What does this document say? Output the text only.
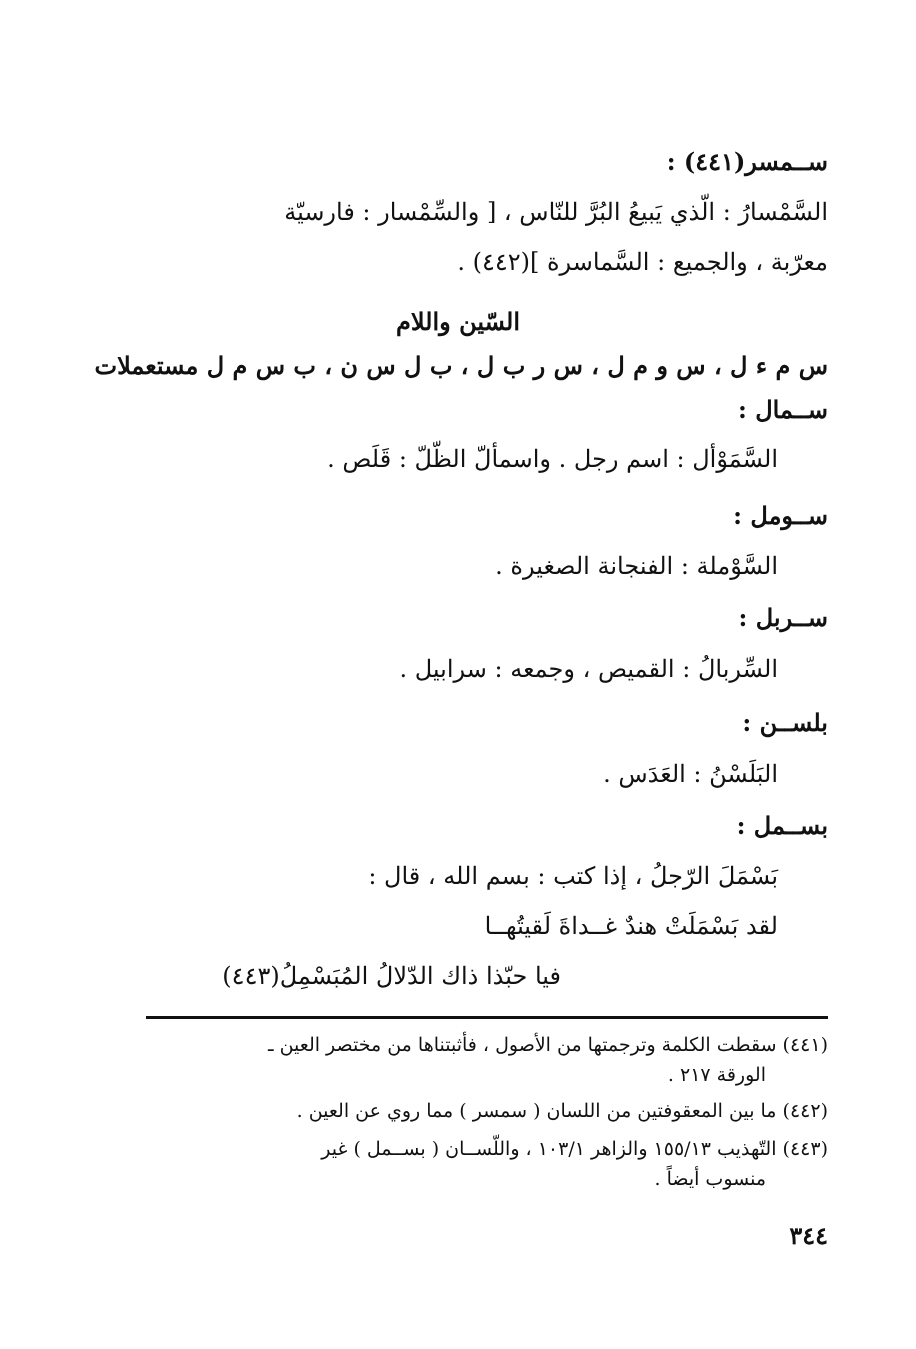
ســمسر(٤٤١) :
السَّمْسارُ : الّذي يَبيعُ البُرَّ للنّاس ، [ والسِّمْسار : فارسيّة
معرّبة ، والجميع : السَّماسرة ](٤٤٢) .
السّين واللام
س م ء ل ، س و م ل ، س ر ب ل ، ب ل س ن ، ب س م ل مستعملات
ســمال :
السَّمَوْأل : اسم رجل . واسمألّ الظّلّ : قَلَص .
ســومل :
السَّوْملة : الفنجانة الصغيرة .
ســربل :
السِّربالُ : القميص ، وجمعه : سرابيل .
بلســن :
البَلَسْنُ : العَدَس .
بســمل :
بَسْمَلَ الرّجلُ ، إذا كتب : بسم الله ، قال :
لقد بَسْمَلَتْ هندٌ غــداةَ لَقيتُهــا
فيا حبّذا ذاك الدّلالُ المُبَسْمِلُ(٤٤٣)
(٤٤١) سقطت الكلمة وترجمتها من الأصول ، فأثبتناها من مختصر العين ـ
الورقة ٢١٧ .
(٤٤٢) ما بين المعقوفتين من اللسان ( سمسر ) مما روي عن العين .
(٤٤٣) التّهذيب ١٥٥/١٣ والزاهر ١٠٣/١ ، واللّســان ( بســمل ) غير
منسوب أيضاً .
٣٤٤
